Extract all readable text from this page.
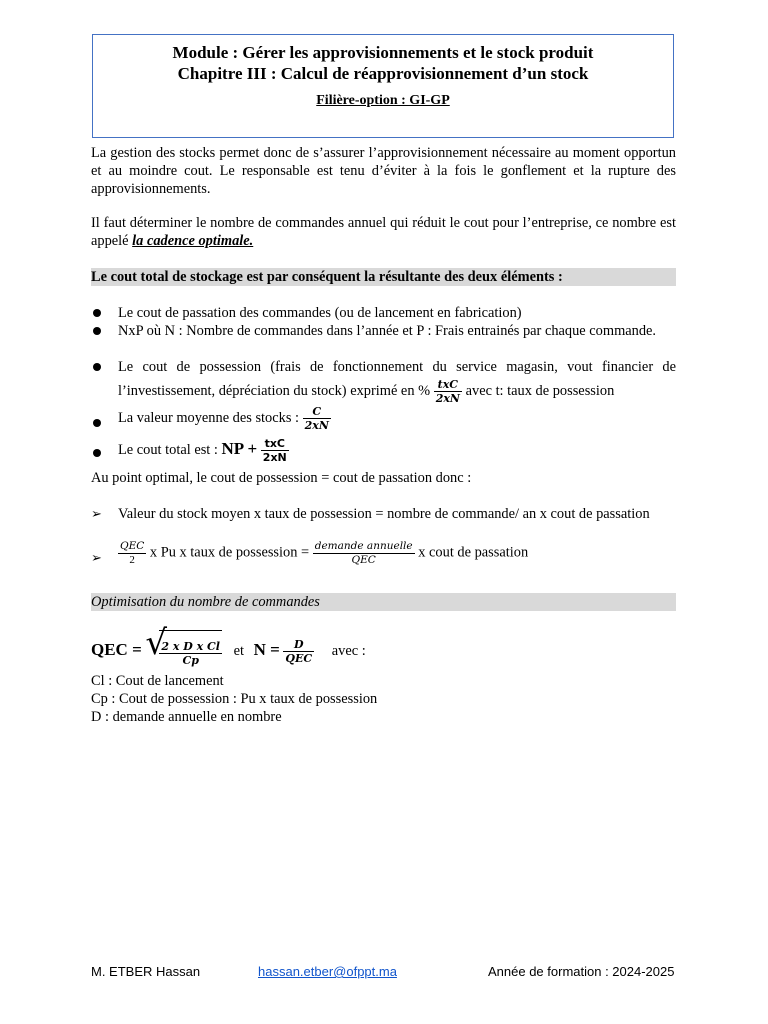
Module : Gérer les approvisionnements et le stock produit
Chapitre III : Calcul de réapprovisionnement d’un stock
Filière-option : GI-GP
La gestion des stocks permet donc de s’assurer l’approvisionnement nécessaire au moment opportun et au moindre cout. Le responsable est tenu d’éviter à la fois le gonflement et la rupture des approvisionnements.
Il faut déterminer le nombre de commandes annuel qui réduit le cout pour l’entreprise, ce nombre est appelé la cadence optimale.
Le cout total de stockage est par conséquent la résultante des deux éléments :
Le cout de passation des commandes (ou de lancement en fabrication)
NxP où N : Nombre de commandes dans l’année et P : Frais entrainés par chaque commande.
Le cout de possession (frais de fonctionnement du service magasin, vout financier de l’investissement, dépréciation du stock) exprimé en % $\frac{\text{txC}}{2xN}$ avec t: taux de possession
La valeur moyenne des stocks : $\frac{C}{2xN}$
Le cout total est : NP + $\frac{\text{txC}}{2xN}$
Au point optimal, le cout de possession = cout de passation donc :
➢ Valeur du stock moyen x taux de possession = nombre de commande/ an x cout de passation
➢ $\frac{\text{QEC}}{2}$ x Pu x taux de possession = $\frac{\text{demande annuelle}}{\text{QEC}}$ x cout de passation
Optimisation du nombre de commandes
QEC = √
$\frac{\text{2 x D x Cl}}{Cp}$ et $N = \frac{D}{\text{QEC}}$ avec :
Cl : Cout de lancement
Cp : Cout de possession : Pu x taux de possession
D : demande annuelle en nombre
M. ETBER Hassan	hassan.etber@ofppt.ma	Année de formation : 2024-2025
